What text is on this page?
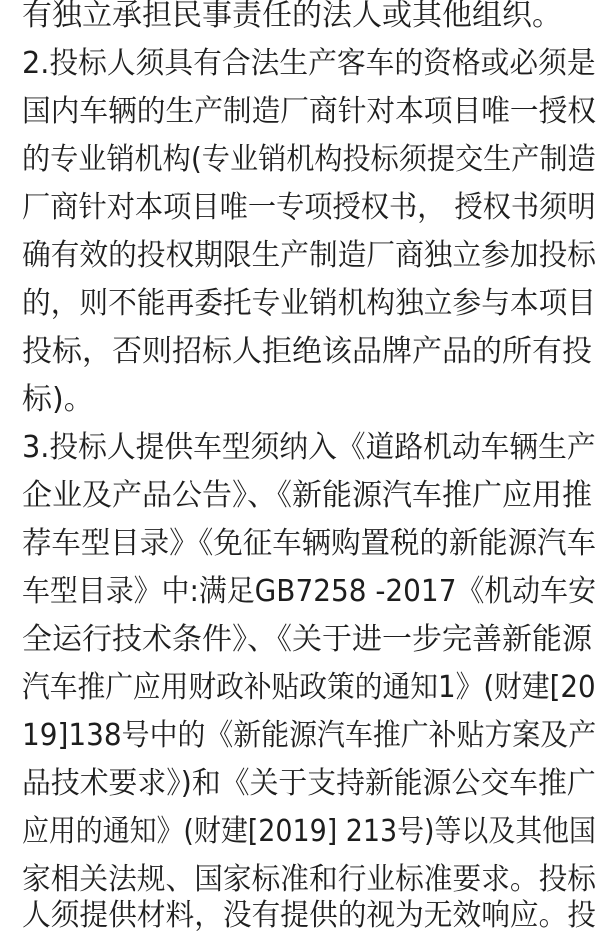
有独立承担民事责任的法人或其他组织。
2.投标人须具有合法生产客车的资格或必须是
国内车辆的生产制造厂商针对本项目唯一授权
的专业销机构(专业销机构投标须提交生产制造
厂商针对本项目唯一专项授权书， 授权书须明
确有效的投权期限生产制造厂商独立参加投标
的，则不能再委托专业销机构独立参与本项目
投标，否则招标人拒绝该品牌产品的所有投
标)。
3.投标人提供车型须纳入《道路机动车辆生产
企业及产品公告》、《新能源汽车推广应用推
荐车型目录》《免征车辆购置税的新能源汽车
车型目录》中:满足GB7258 -2017《机动车安
全运行技术条件》、《关于进一步完善新能源
汽车推广应用财政补贴政策的通知1》(财建[20
19]138号中的《新能源汽车推广补贴方案及产
品技术要求》)和《关于支持新能源公交车推广
应用的通知》(财建[2019] 213号)等以及其他国
家相关法规、国家标准和行业标准要求。投标
人须提供材料，没有提供的视为无效响应。投
